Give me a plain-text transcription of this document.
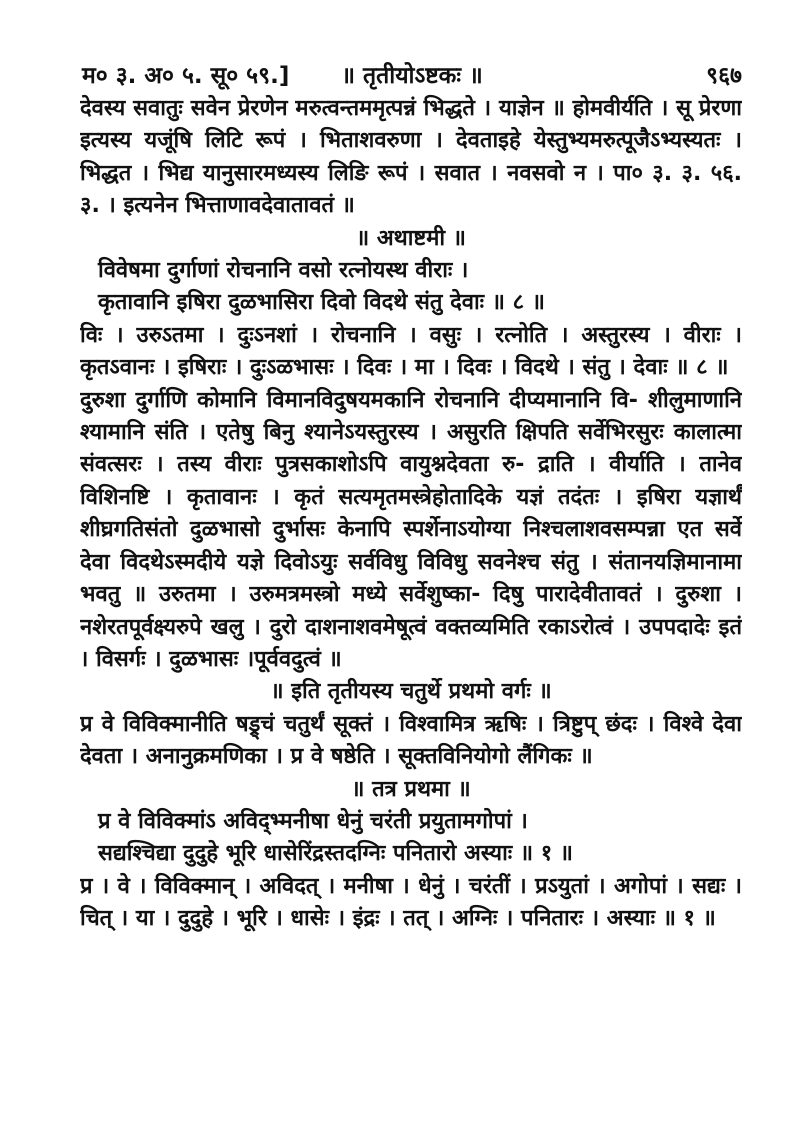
म० ३. अ० ५. सू० ५९.] ॥ तृतीयोऽष्टकः ॥	९६७

देवस्य सवातुः सवेन प्रेरणेन मरुत्वन्तममृत्पन्नं भिद्धते । याज्ञेन ॥ होमवीर्यति । सू प्रेरणा इत्यस्य यजूंषि लिटि रूपं । भिताशवरुणा । देवताइहे येस्तुभ्यमरुत्पूजैऽभ्यस्यतः । भिद्धत । भिद्य यानुसारमध्यस्य लिङि रूपं । सवात । नवसवो न । पा० ३. ३. ५६. ३. । इत्यनेन भित्ताणावदेवातावतं ॥

॥ अथाष्टमी ॥

विवेषमा दुर्गाणां रोचनानि वसो रत्नोयस्थ वीराः ।

कृतावानि इषिरा दुळभासिरा दिवो विदथे संतु देवाः ॥ ८ ॥

विः । उरुऽतमा । दुःऽनशां । रोचनानि । वसुः । रत्नोति । अस्तुरस्य । वीराः । कृतऽवानः । इषिराः । दुःऽळभासः । दिवः । मा । दिवः । विदथे । संतु । देवाः ॥ ८ ॥

दुरुशा दुर्गाणि कोमानि विमानविदुषयमकानि रोचनानि दीप्यमानानि वि- शीलुमाणानि श्यामानि संति । एतेषु बिनु श्यानेऽयस्तुरस्य । असुरति क्षिपति सर्वेभिरसुरः कालात्मा संवत्सरः । तस्य वीराः पुत्रसकाशोऽपि वायुश्नदेवता रु- द्राति । वीर्याति । तानेव विशिनष्टि । कृतावानः । कृतं सत्यमृतमस्त्रेहोतादिके यज्ञं तदंतः । इषिरा यज्ञार्थं शीघ्रगतिसंतो दुळभासो दुर्भासः केनापि स्पर्शेनाऽयोग्या निश्चलाशवसम्पन्ना एत सर्वे देवा विदथेऽस्मदीये यज्ञे दिवोऽयुः सर्वविधु विविधु सवनेश्च संतु । संतानयज्ञिमानामा भवतु ॥ उरुतमा । उरुमत्रमस्त्रो मध्ये सर्वेशुष्का- दिषु पारादेवीतावतं । दुरुशा । नशेरतपूर्वक्ष्यरुपे खलु । दुरो दाशनाशवमेषूत्वं वक्तव्यमिति रकाऽरोत्वं । उपपदादेः इतं । विसर्गः । दुळभासः ।पूर्ववदुत्वं ॥

॥ इति तृतीयस्य चतुर्थे प्रथमो वर्गः ॥

प्र वे विविक्मानीति षड्र्चं चतुर्थं सूक्तं । विश्वामित्र ऋषिः । त्रिष्टुप् छंदः । विश्वे देवा देवता । अनानुक्रमणिका । प्र वे षष्ठेति । सूक्तविनियोगो लैंगिकः ॥

॥ तत्र प्रथमा ॥

प्र वे विविक्मांऽ अविद्भ्मनीषा धेनुं चरंती प्रयुतामगोपां ।

सद्यश्चिद्या दुदुहे भूरि धासेरिंद्रस्तदग्निः पनितारो अस्याः ॥ १ ॥

प्र । वे । विविक्मान् । अविदत् । मनीषा । धेनुं । चरंतीं । प्रऽयुतां । अगोपां । सद्यः । चित् । या । दुदुहे । भूरि । धासेः । इंद्रः । तत् । अग्निः । पनितारः । अस्याः ॥ १ ॥
